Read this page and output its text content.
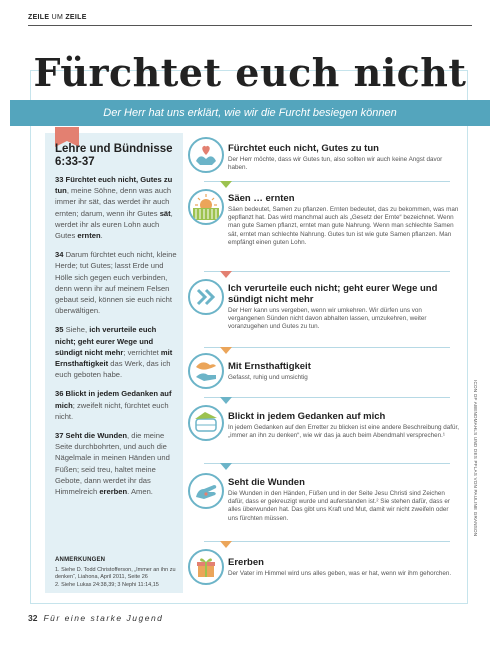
ZEILE UM ZEILE
Fürchtet euch nicht
Der Herr hat uns erklärt, wie wir die Furcht besiegen können
Lehre und Bündnisse 6:33-37
33 Fürchtet euch nicht, Gutes zu tun, meine Söhne, denn was auch immer ihr sät, das werdet ihr auch ernten; darum, wenn ihr Gutes sät, werdet ihr als euren Lohn auch Gutes ernten.
34 Darum fürchtet euch nicht, kleine Herde; tut Gutes; lasst Erde und Hölle sich gegen euch verbinden, denn wenn ihr auf meinem Felsen gebaut seid, können sie euch nicht überwältigen.
35 Siehe, ich verurteile euch nicht; geht eurer Wege und sündigt nicht mehr; verrichtet mit Ernsthaftigkeit das Werk, das ich euch geboten habe.
36 Blickt in jedem Gedanken auf mich; zweifelt nicht, fürchtet euch nicht.
37 Seht die Wunden, die meine Seite durchbohrten, und auch die Nägelmale in meinen Händen und Füßen; seid treu, haltet meine Gebote, dann werdet ihr das Himmelreich ererben. Amen.
ANMERKUNGEN
1. Siehe D. Todd Christofferson, „Immer an ihn zu denken“, Liahona, April 2011, Seite 26
2. Siehe Lukas 24:38,39; 3 Nephi 11:14,15
Fürchtet euch nicht, Gutes zu tun
Der Herr möchte, dass wir Gutes tun, also sollten wir auch keine Angst davor haben.
Säen … ernten
Säen bedeutet, Samen zu pflanzen. Ernten bedeutet, das zu bekommen, was man gepflanzt hat. Das wird manchmal auch als „Gesetz der Ernte“ bezeichnet. Wenn man gute Samen pflanzt, erntet man gute Nahrung. Wenn man schlechte Samen sät, erntet man schlechte Nahrung. Gutes tun ist wie gute Samen pflanzen. Man empfängt einen guten Lohn.
Ich verurteile euch nicht; geht eurer Wege und sündigt nicht mehr
Der Herr kann uns vergeben, wenn wir umkehren. Wir dürfen uns von vergangenen Sünden nicht davon abhalten lassen, umzukehren, weiter voranzugehen und Gutes zu tun.
Mit Ernsthaftigkeit
Gefasst, ruhig und umsichtig
Blickt in jedem Gedanken auf mich
In jedem Gedanken auf den Erretter zu blicken ist eine andere Beschreibung dafür, „immer an ihn zu denken“, wie wir das ja auch beim Abendmahl versprechen.¹
Seht die Wunden
Die Wunden in den Händen, Füßen und in der Seite Jesu Christi sind Zeichen dafür, dass er gekreuzigt wurde und auferstanden ist.² Sie stehen dafür, dass er alles überwunden hat. Das gibt uns Kraft und Mut, damit wir nicht zweifeln oder uns fürchten müssen.
Ererben
Der Vater im Himmel wird uns alles geben, was er hat, wenn wir ihm gehorchen.
ICON OF ABENDMAHLS UND DES PFLAS VON PAULINE GRANSON
32 Für eine starke Jugend
